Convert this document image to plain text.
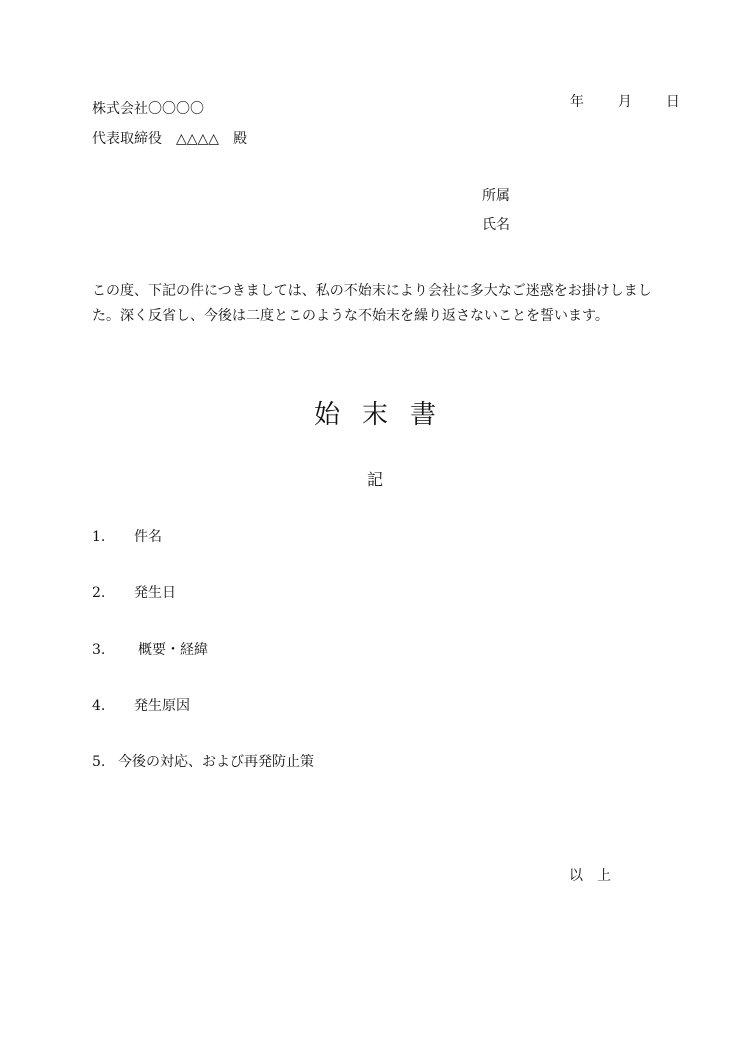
年 月 日

株式会社〇〇〇〇
代表取締役　△△△△　殿
所属
氏名
この度、下記の件につきましては、私の不始末により会社に多大なご迷惑をお掛けしました。深く反省し、今後は二度とこのような不始末を繰り返さないことを誓います。
始末書
記
1. 件名
2. 発生日
3. 概要・経緯
4. 発生原因
5. 今後の対応、および再発防止策
以　上
